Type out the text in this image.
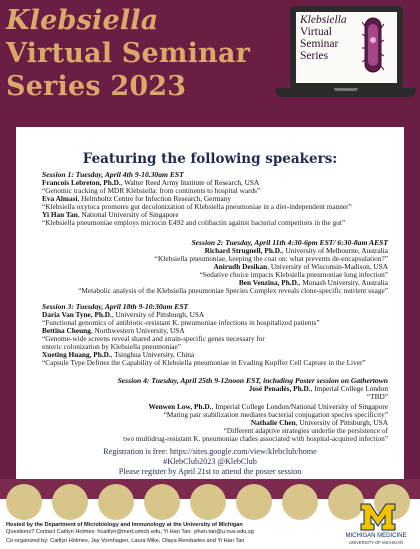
Klebsiella
Virtual Seminar
Series 2023
Klebsiella
Virtual
Seminar
Series
Featuring the following speakers:
Session 1: Tuesday, April 4th 9-10.30am EST
Francois Lebreton, Ph.D., Walter Reed Army Institute of Research, USA
“Genomic tracking of MDR Klebsiella: from continents to hospital wards”
Eva Almasi, Helmholtz Centre for Infection Research, Germany
“Klebsiella oxytoca promotes gut decolonization of Klebsiella pneumoniae in a diet-independent manner”
Yi Han Tan, National University of Singapore
“Klebsiella pneumoniae employs microcin E492 and colibactin against bacterial competitors in the gut”
Session 2: Tuesday, April 11th 4:30-6pm EST/ 6:30-8am AEST
Richard Strugnell, Ph.D., University of Melbourne, Australia
“Klebsiella pneumoniae, keeping the coat on: what prevents de-encapsulation?”
Anirudh Desikan, University of Wisconsin-Madison, USA
“Sedative choice impacts Klebsiella pneumoniae lung infection”
Ben Venzina, Ph.D., Monash University, Australia
“Metabolic analysis of the Klebsiella pneumoniae Species Complex reveals clone-specific nutrient usage”
Session 3: Tuesday, April 18th 9-10:30am EST
Daria Van Tyne, Ph.D., University of Pittsburgh, USA
“Functional genomics of antibiotic-resistant K. pneumoniae infections in hospitalized patients”
Bettina Cheung, Northwestern University, USA
“Genome-wide screens reveal shared and strain-specific genes necessary for
enteric colonization by Klebsiella pneumoniae”
Xueting Huang, Ph.D., Tsinghua University, China
“Capsule Type Defines the Capability of Klebsiella pneumoniae in Evading Kupffer Cell Capture in the Liver”
Session 4: Tuesday, April 25th 9-12noon EST, including Poster session on Gathertown
José Penadés, Ph.D., Imperial College London
“TBD”
Wenwen Low, Ph.D., Imperial College London/National University of Singapore
“Mating pair stabilization mediates bacterial conjugation species specificity”
Nathalie Chen, University of Pittsburgh, USA
“Different adaptive strategies underlie the persistence of
two multidrug-resistant K. pneumoniae clades associated with hospital-acquired infection”
Registration is free: https://sites.google.com/view/klebclub/home
#KlebClub2023 @KlebClub
Please register by April 21st to attend the poster session
Hosted by the Department of Microbiology and Immunology at the University of Michigan
Questions? Contact Caitlyn Holmes: hcaitlyn@med.umich.edu, Yi Han Tan: yihan.tan@u.nus.edu.sg
Co-organized by: Caitlyn Holmes, Jay Vornhagen, Laura Mike, Olaya Rendueles and Yi Han Tan
MICHIGAN MEDICINE
UNIVERSITY OF MICHIGAN
